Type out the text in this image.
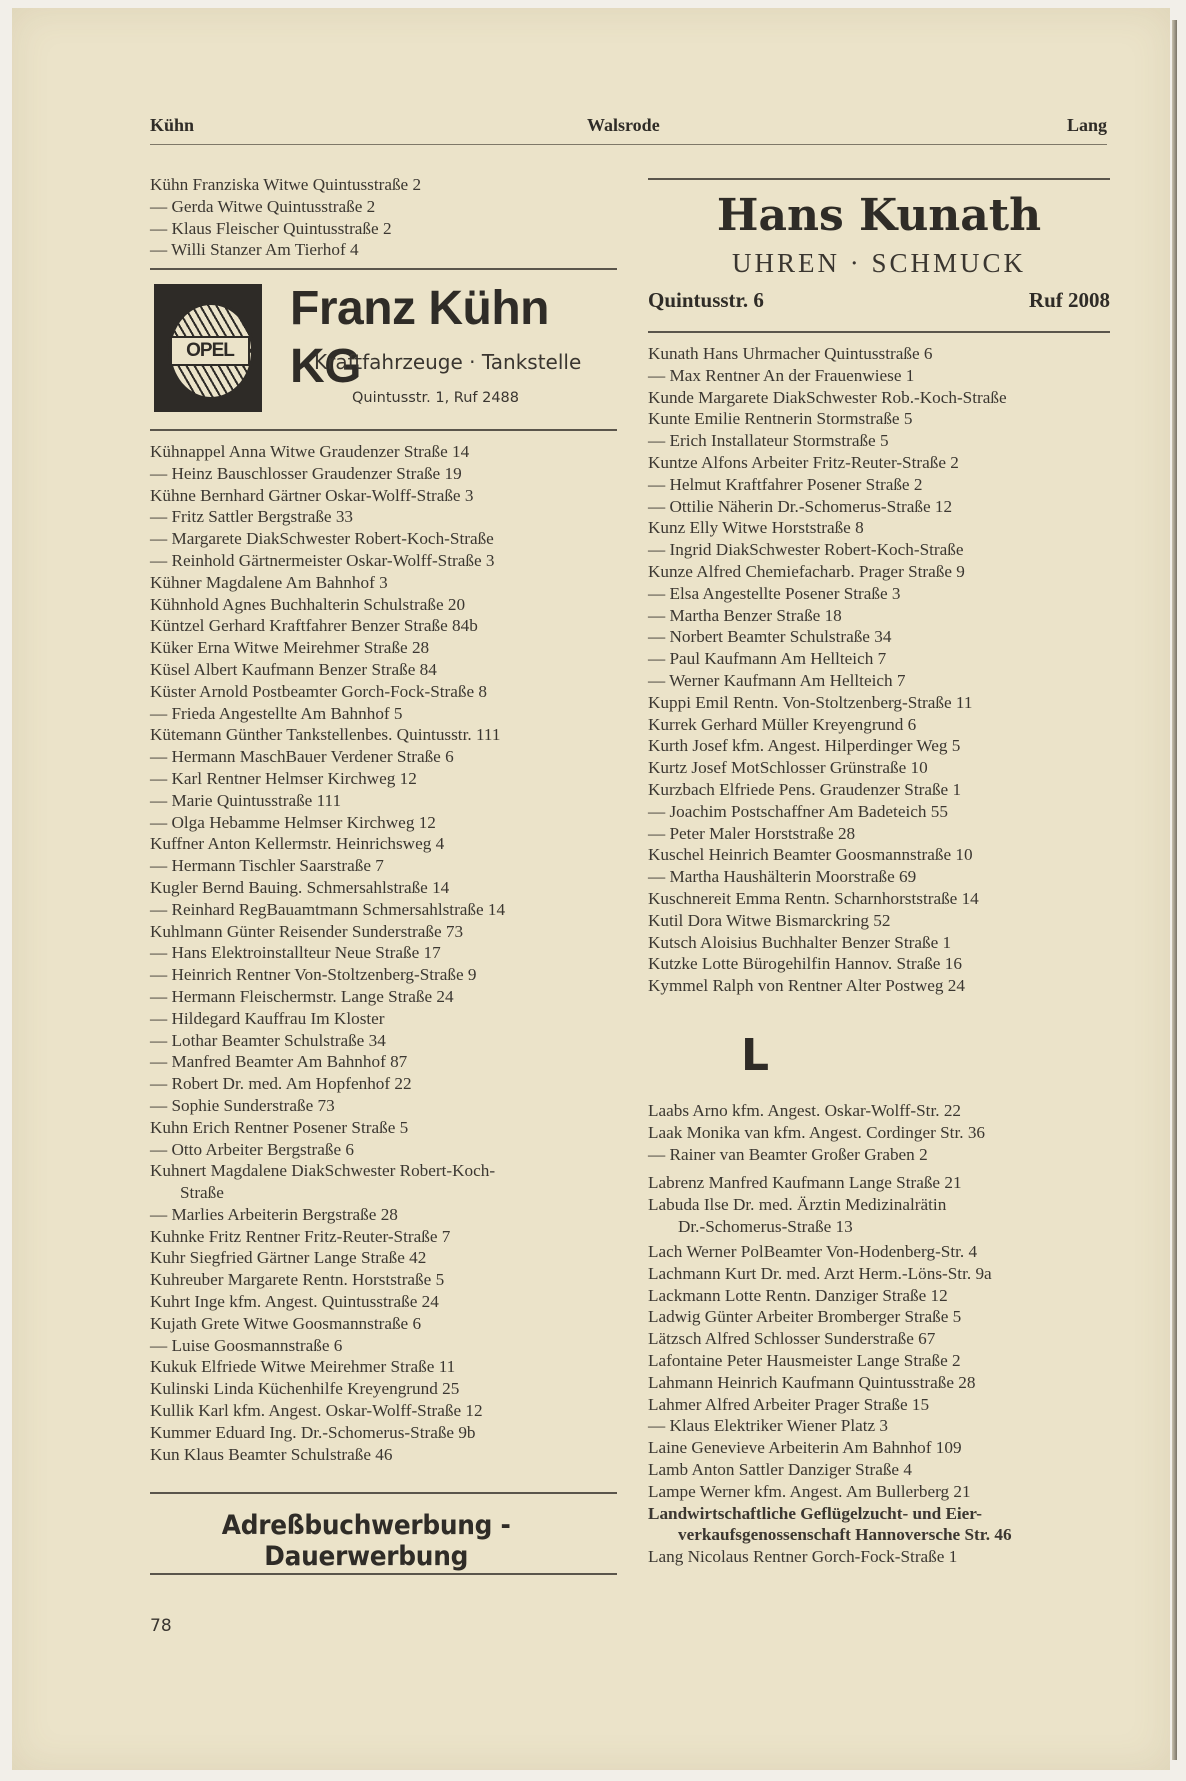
Kühn	Walsrode	Lang

Kühn Franziska Witwe Quintusstraße 2

— Gerda Witwe Quintusstraße 2

— Klaus Fleischer Quintusstraße 2

— Willi Stanzer Am Tierhof 4

OPEL
Franz Kühn KG
Kraftfahrzeuge · Tankstelle
Quintusstr. 1, Ruf 2488

Kühnappel Anna Witwe Graudenzer Straße 14

— Heinz Bauschlosser Graudenzer Straße 19

Kühne Bernhard Gärtner Oskar-Wolff-Straße 3

— Fritz Sattler Bergstraße 33

— Margarete DiakSchwester Robert-Koch-Straße

— Reinhold Gärtnermeister Oskar-Wolff-Straße 3

Kühner Magdalene Am Bahnhof 3

Kühnhold Agnes Buchhalterin Schulstraße 20

Küntzel Gerhard Kraftfahrer Benzer Straße 84b

Küker Erna Witwe Meirehmer Straße 28

Küsel Albert Kaufmann Benzer Straße 84

Küster Arnold Postbeamter Gorch-Fock-Straße 8

— Frieda Angestellte Am Bahnhof 5

Kütemann Günther Tankstellenbes. Quintusstr. 111

— Hermann MaschBauer Verdener Straße 6

— Karl Rentner Helmser Kirchweg 12

— Marie Quintusstraße 111

— Olga Hebamme Helmser Kirchweg 12

Kuffner Anton Kellermstr. Heinrichsweg 4

— Hermann Tischler Saarstraße 7

Kugler Bernd Bauing. Schmersahlstraße 14

— Reinhard RegBauamtmann Schmersahlstraße 14

Kuhlmann Günter Reisender Sunderstraße 73

— Hans Elektroinstallteur Neue Straße 17

— Heinrich Rentner Von-Stoltzenberg-Straße 9

— Hermann Fleischermstr. Lange Straße 24

— Hildegard Kauffrau Im Kloster

— Lothar Beamter Schulstraße 34

— Manfred Beamter Am Bahnhof 87

— Robert Dr. med. Am Hopfenhof 22

— Sophie Sunderstraße 73

Kuhn Erich Rentner Posener Straße 5

— Otto Arbeiter Bergstraße 6

Kuhnert Magdalene DiakSchwester Robert-Koch-

Straße

— Marlies Arbeiterin Bergstraße 28

Kuhnke Fritz Rentner Fritz-Reuter-Straße 7

Kuhr Siegfried Gärtner Lange Straße 42

Kuhreuber Margarete Rentn. Horststraße 5

Kuhrt Inge kfm. Angest. Quintusstraße 24

Kujath Grete Witwe Goosmannstraße 6

— Luise Goosmannstraße 6

Kukuk Elfriede Witwe Meirehmer Straße 11

Kulinski Linda Küchenhilfe Kreyengrund 25

Kullik Karl kfm. Angest. Oskar-Wolff-Straße 12

Kummer Eduard Ing. Dr.-Schomerus-Straße 9b

Kun Klaus Beamter Schulstraße 46

Adreßbuchwerbung - Dauerwerbung
78
Hans Kunath
UHREN · SCHMUCK
Quintusstr. 6	Ruf 2008

Kunath Hans Uhrmacher Quintusstraße 6

— Max Rentner An der Frauenwiese 1

Kunde Margarete DiakSchwester Rob.-Koch-Straße

Kunte Emilie Rentnerin Stormstraße 5

— Erich Installateur Stormstraße 5

Kuntze Alfons Arbeiter Fritz-Reuter-Straße 2

— Helmut Kraftfahrer Posener Straße 2

— Ottilie Näherin Dr.-Schomerus-Straße 12

Kunz Elly Witwe Horststraße 8

— Ingrid DiakSchwester Robert-Koch-Straße

Kunze Alfred Chemiefacharb. Prager Straße 9

— Elsa Angestellte Posener Straße 3

— Martha Benzer Straße 18

— Norbert Beamter Schulstraße 34

— Paul Kaufmann Am Hellteich 7

— Werner Kaufmann Am Hellteich 7

Kuppi Emil Rentn. Von-Stoltzenberg-Straße 11

Kurrek Gerhard Müller Kreyengrund 6

Kurth Josef kfm. Angest. Hilperdinger Weg 5

Kurtz Josef MotSchlosser Grünstraße 10

Kurzbach Elfriede Pens. Graudenzer Straße 1

— Joachim Postschaffner Am Badeteich 55

— Peter Maler Horststraße 28

Kuschel Heinrich Beamter Goosmannstraße 10

— Martha Haushälterin Moorstraße 69

Kuschnereit Emma Rentn. Scharnhorststraße 14

Kutil Dora Witwe Bismarckring 52

Kutsch Aloisius Buchhalter Benzer Straße 1

Kutzke Lotte Bürogehilfin Hannov. Straße 16

Kymmel Ralph von Rentner Alter Postweg 24

L

Laabs Arno kfm. Angest. Oskar-Wolff-Str. 22

Laak Monika van kfm. Angest. Cordinger Str. 36

— Rainer van Beamter Großer Graben 2

Labrenz Manfred Kaufmann Lange Straße 21

Labuda Ilse Dr. med. Ärztin Medizinalrätin

Dr.-Schomerus-Straße 13

Lach Werner PolBeamter Von-Hodenberg-Str. 4

Lachmann Kurt Dr. med. Arzt Herm.-Löns-Str. 9a

Lackmann Lotte Rentn. Danziger Straße 12

Ladwig Günter Arbeiter Bromberger Straße 5

Lätzsch Alfred Schlosser Sunderstraße 67

Lafontaine Peter Hausmeister Lange Straße 2

Lahmann Heinrich Kaufmann Quintusstraße 28

Lahmer Alfred Arbeiter Prager Straße 15

— Klaus Elektriker Wiener Platz 3

Laine Genevieve Arbeiterin Am Bahnhof 109

Lamb Anton Sattler Danziger Straße 4

Lampe Werner kfm. Angest. Am Bullerberg 21

Landwirtschaftliche Geflügelzucht- und Eier-

verkaufsgenossenschaft Hannoversche Str. 46

Lang Nicolaus Rentner Gorch-Fock-Straße 1
